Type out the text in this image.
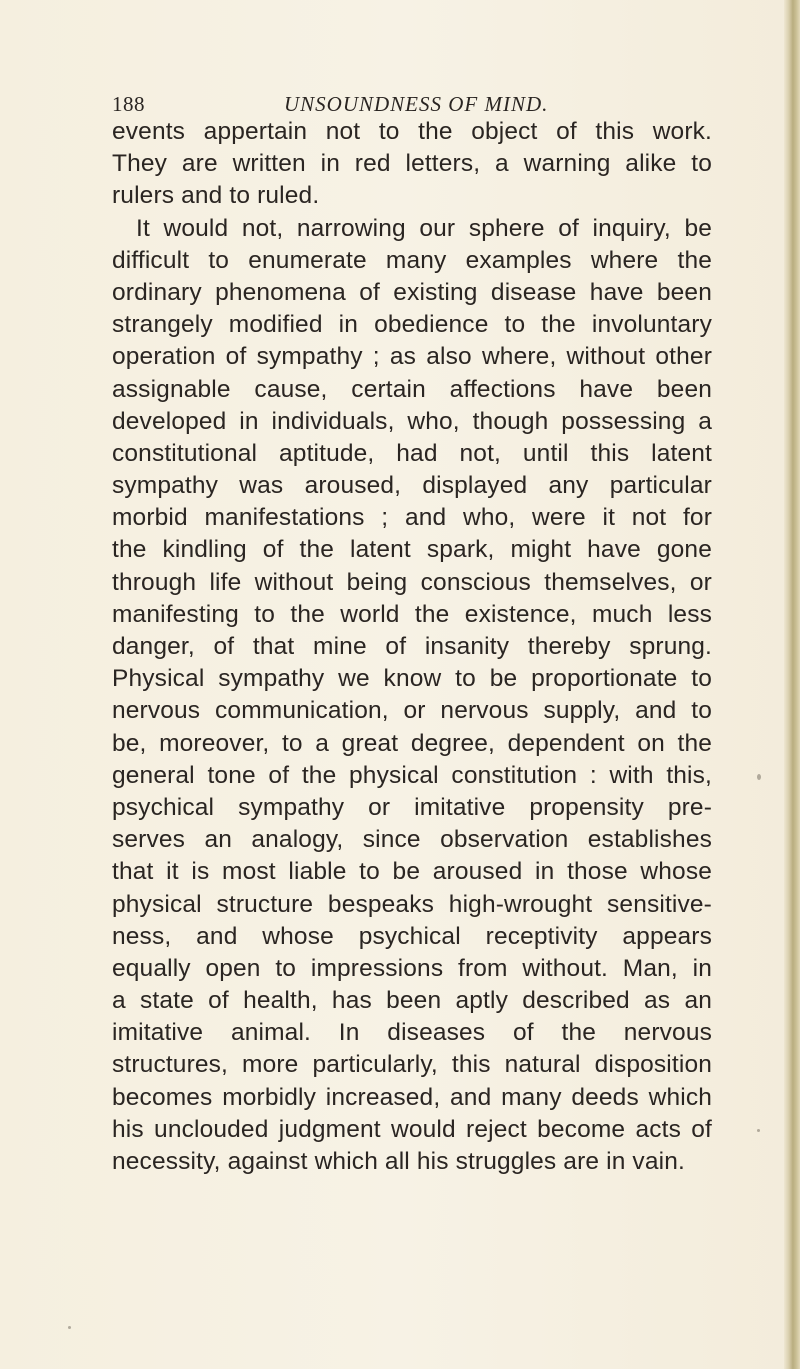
188	UNSOUNDNESS OF MIND.
events appertain not to the object of this work.
They are written in red letters, a warning alike to
rulers and to ruled.
It would not, narrowing our sphere of inquiry, be
difficult to enumerate many examples where the
ordinary phenomena of existing disease have been
strangely modified in obedience to the involuntary
operation of sympathy ; as also where, without other
assignable cause, certain affections have been
developed in individuals, who, though possessing a
constitutional aptitude, had not, until this latent
sympathy was aroused, displayed any particular
morbid manifestations ; and who, were it not for
the kindling of the latent spark, might have gone
through life without being conscious themselves, or
manifesting to the world the existence, much less
danger, of that mine of insanity thereby sprung.
Physical sympathy we know to be proportionate to
nervous communication, or nervous supply, and to
be, moreover, to a great degree, dependent on the
general tone of the physical constitution : with this,
psychical sympathy or imitative propensity pre-
serves an analogy, since observation establishes
that it is most liable to be aroused in those whose
physical structure bespeaks high-wrought sensitive-
ness, and whose psychical receptivity appears
equally open to impressions from without. Man, in
a state of health, has been aptly described as an
imitative animal. In diseases of the nervous
structures, more particularly, this natural disposition
becomes morbidly increased, and many deeds which
his unclouded judgment would reject become acts of
necessity, against which all his struggles are in vain.
